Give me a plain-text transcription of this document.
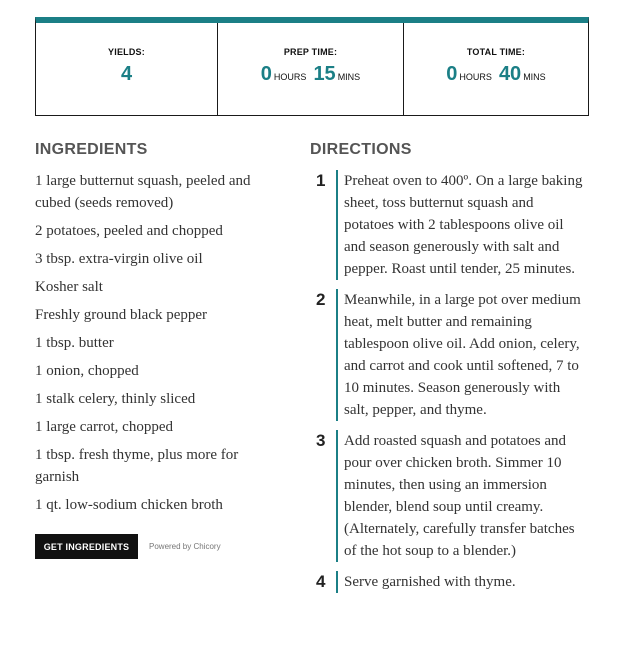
YIELDS:
4
PREP TIME:
0 HOURS 15 MINS
TOTAL TIME:
0 HOURS 40 MINS
INGREDIENTS
1 large butternut squash, peeled and cubed (seeds removed)
2 potatoes, peeled and chopped
3 tbsp. extra-virgin olive oil
Kosher salt
Freshly ground black pepper
1 tbsp. butter
1 onion, chopped
1 stalk celery, thinly sliced
1 large carrot, chopped
1 tbsp. fresh thyme, plus more for garnish
1 qt. low-sodium chicken broth
GET INGREDIENTS	Powered by Chicory
DIRECTIONS
1	Preheat oven to 400º. On a large baking sheet, toss butternut squash and potatoes with 2 tablespoons olive oil and season generously with salt and pepper. Roast until tender, 25 minutes.
2	Meanwhile, in a large pot over medium heat, melt butter and remaining tablespoon olive oil. Add onion, celery, and carrot and cook until softened, 7 to 10 minutes. Season generously with salt, pepper, and thyme.
3	Add roasted squash and potatoes and pour over chicken broth. Simmer 10 minutes, then using an immersion blender, blend soup until creamy. (Alternately, carefully transfer batches of the hot soup to a blender.)
4	Serve garnished with thyme.
